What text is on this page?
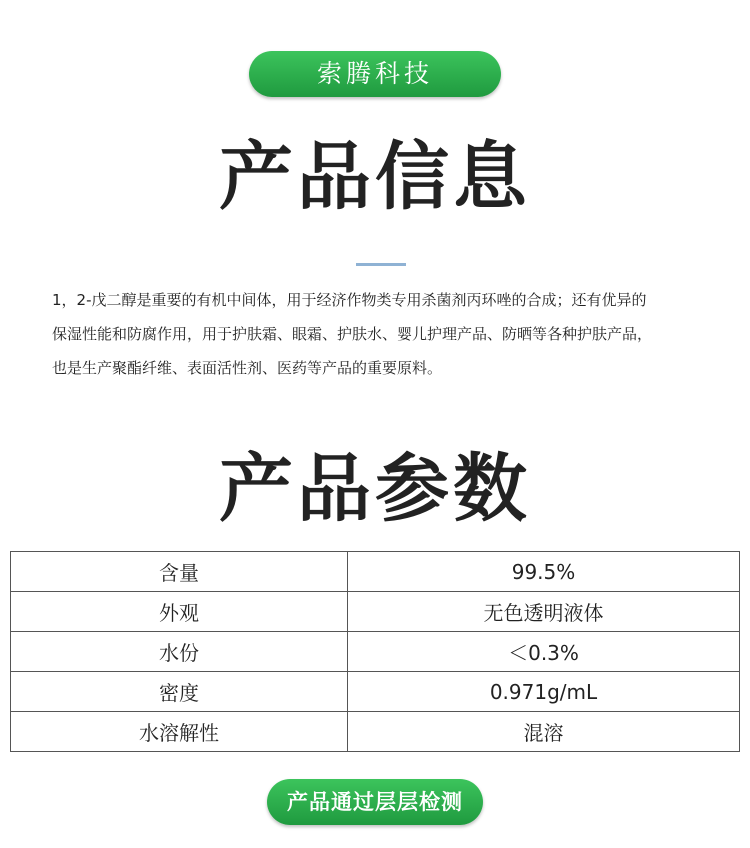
索腾科技
产品信息

1，2-戊二醇是重要的有机中间体，用于经济作物类专用杀菌剂丙环唑的合成；还有优异的

保湿性能和防腐作用，用于护肤霜、眼霜、护肤水、婴儿护理产品、防晒等各种护肤产品，

也是生产聚酯纤维、表面活性剂、医药等产品的重要原料。

产品参数
含量	99.5%
外观	无色透明液体
水份	＜0.3%
密度	0.971g/mL
水溶解性	混溶
产品通过层层检测
